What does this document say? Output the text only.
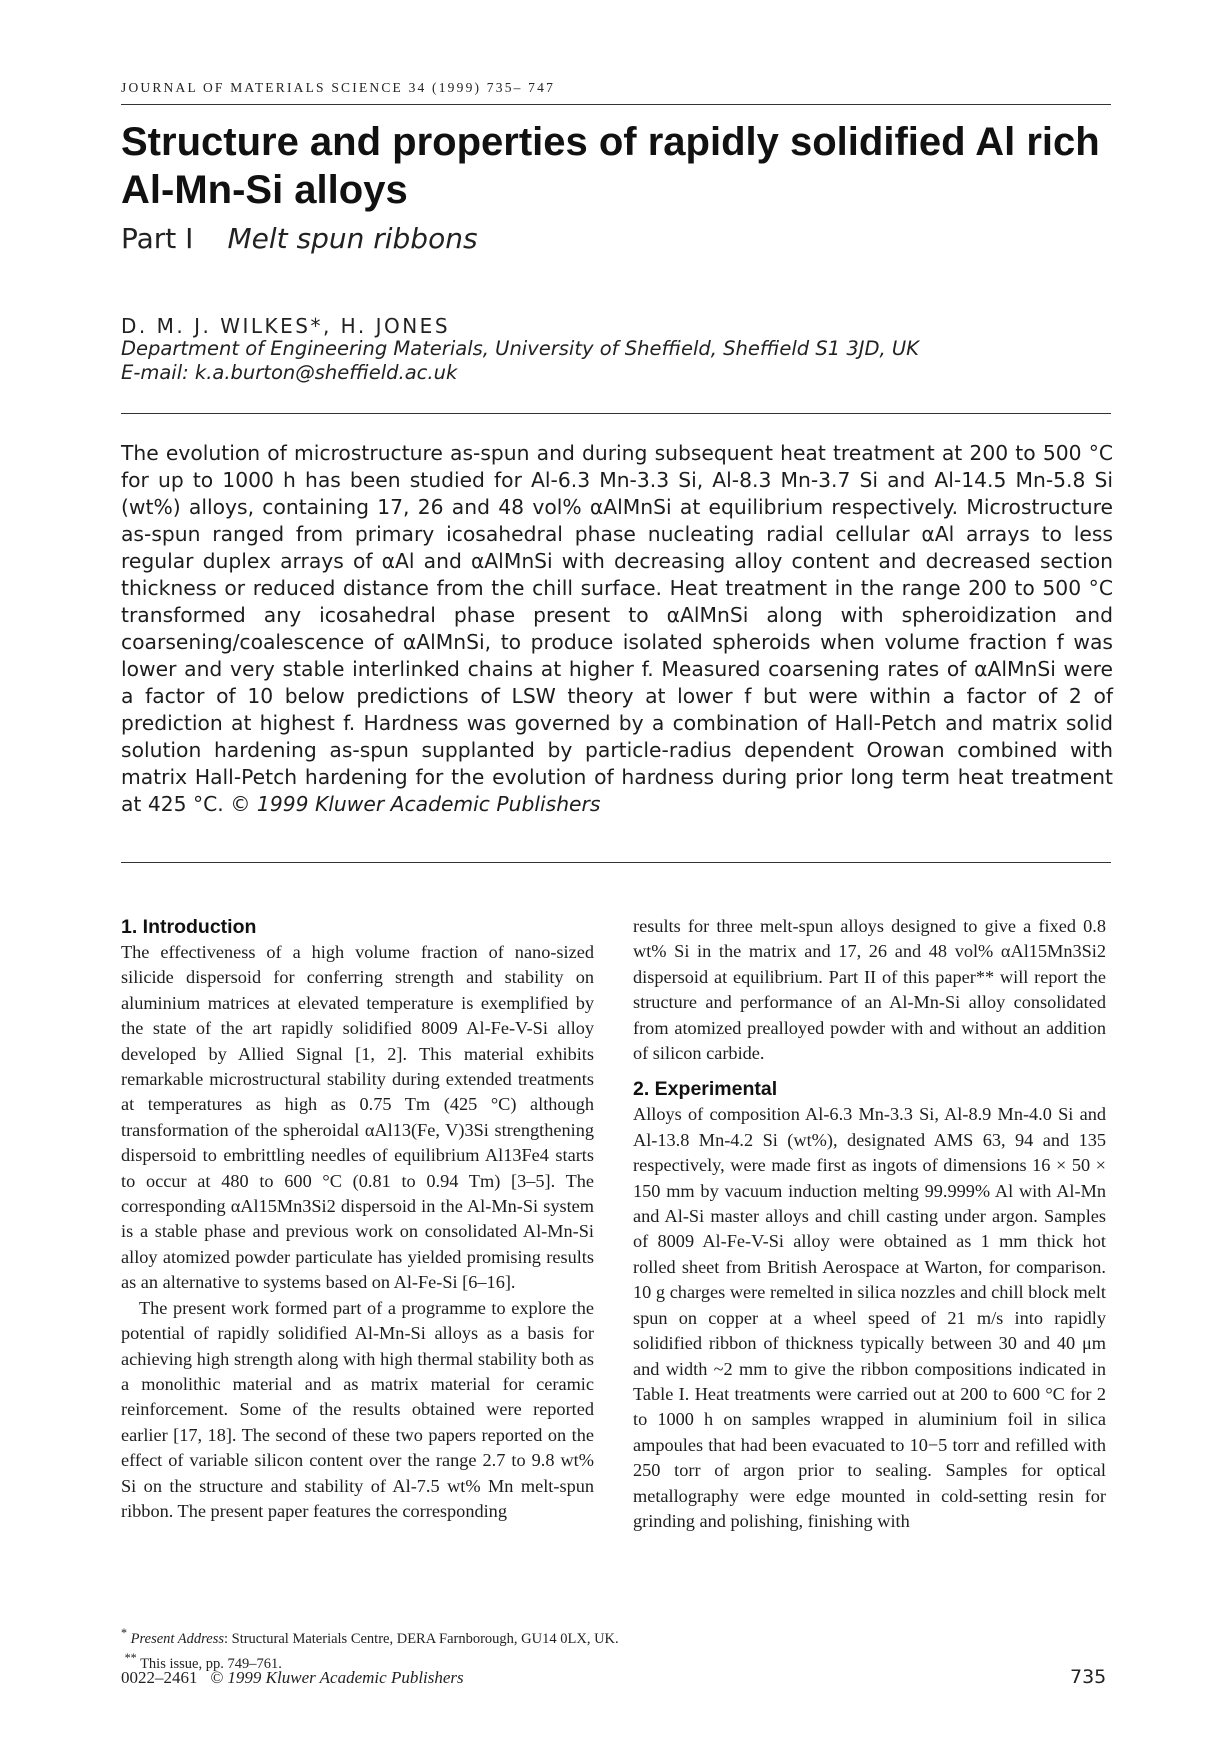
JOURNAL OF MATERIALS SCIENCE 34 (1999) 735– 747
Structure and properties of rapidly solidified Al rich Al-Mn-Si alloys
Part I Melt spun ribbons
D. M. J. WILKES*, H. JONES
Department of Engineering Materials, University of Sheffield, Sheffield S1 3JD, UK
E-mail: k.a.burton@sheffield.ac.uk
The evolution of microstructure as-spun and during subsequent heat treatment at 200 to 500 °C for up to 1000 h has been studied for Al-6.3 Mn-3.3 Si, Al-8.3 Mn-3.7 Si and Al-14.5 Mn-5.8 Si (wt%) alloys, containing 17, 26 and 48 vol% αAlMnSi at equilibrium respectively. Microstructure as-spun ranged from primary icosahedral phase nucleating radial cellular αAl arrays to less regular duplex arrays of αAl and αAlMnSi with decreasing alloy content and decreased section thickness or reduced distance from the chill surface. Heat treatment in the range 200 to 500 °C transformed any icosahedral phase present to αAlMnSi along with spheroidization and coarsening/coalescence of αAlMnSi, to produce isolated spheroids when volume fraction f was lower and very stable interlinked chains at higher f. Measured coarsening rates of αAlMnSi were a factor of 10 below predictions of LSW theory at lower f but were within a factor of 2 of prediction at highest f. Hardness was governed by a combination of Hall-Petch and matrix solid solution hardening as-spun supplanted by particle-radius dependent Orowan combined with matrix Hall-Petch hardening for the evolution of hardness during prior long term heat treatment at 425 °C. © 1999 Kluwer Academic Publishers
1. Introduction

The effectiveness of a high volume fraction of nano-sized silicide dispersoid for conferring strength and stability on aluminium matrices at elevated temperature is exemplified by the state of the art rapidly solidified 8009 Al-Fe-V-Si alloy developed by Allied Signal [1, 2]. This material exhibits remarkable microstructural stability during extended treatments at temperatures as high as 0.75 Tm (425 °C) although transformation of the spheroidal αAl13(Fe, V)3Si strengthening dispersoid to embrittling needles of equilibrium Al13Fe4 starts to occur at 480 to 600 °C (0.81 to 0.94 Tm) [3–5]. The corresponding αAl15Mn3Si2 dispersoid in the Al-Mn-Si system is a stable phase and previous work on consolidated Al-Mn-Si alloy atomized powder particulate has yielded promising results as an alternative to systems based on Al-Fe-Si [6–16].

The present work formed part of a programme to explore the potential of rapidly solidified Al-Mn-Si alloys as a basis for achieving high strength along with high thermal stability both as a monolithic material and as matrix material for ceramic reinforcement. Some of the results obtained were reported earlier [17, 18]. The second of these two papers reported on the effect of variable silicon content over the range 2.7 to 9.8 wt% Si on the structure and stability of Al-7.5 wt% Mn melt-spun ribbon. The present paper features the corresponding

results for three melt-spun alloys designed to give a fixed 0.8 wt% Si in the matrix and 17, 26 and 48 vol% αAl15Mn3Si2 dispersoid at equilibrium. Part II of this paper** will report the structure and performance of an Al-Mn-Si alloy consolidated from atomized prealloyed powder with and without an addition of silicon carbide.

2. Experimental

Alloys of composition Al-6.3 Mn-3.3 Si, Al-8.9 Mn-4.0 Si and Al-13.8 Mn-4.2 Si (wt%), designated AMS 63, 94 and 135 respectively, were made first as ingots of dimensions 16 × 50 × 150 mm by vacuum induction melting 99.999% Al with Al-Mn and Al-Si master alloys and chill casting under argon. Samples of 8009 Al-Fe-V-Si alloy were obtained as 1 mm thick hot rolled sheet from British Aerospace at Warton, for comparison. 10 g charges were remelted in silica nozzles and chill block melt spun on copper at a wheel speed of 21 m/s into rapidly solidified ribbon of thickness typically between 30 and 40 μm and width ~2 mm to give the ribbon compositions indicated in Table I. Heat treatments were carried out at 200 to 600 °C for 2 to 1000 h on samples wrapped in aluminium foil in silica ampoules that had been evacuated to 10−5 torr and refilled with 250 torr of argon prior to sealing. Samples for optical metallography were edge mounted in cold-setting resin for grinding and polishing, finishing with

* Present Address: Structural Materials Centre, DERA Farnborough, GU14 0LX, UK.
** This issue, pp. 749–761.
0022–2461 © 1999 Kluwer Academic Publishers	735
